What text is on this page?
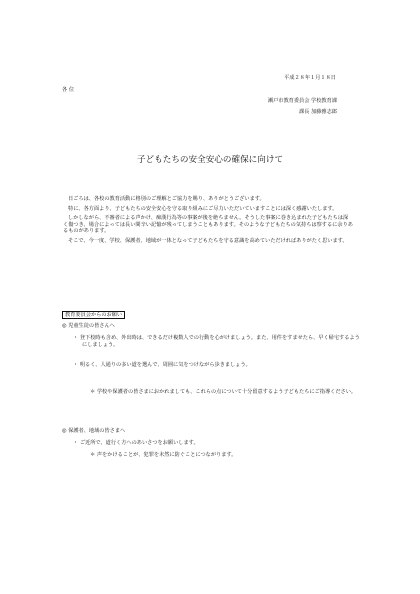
平成２８年１月１８日
各 位
瀬戸市教育委員会 学校教育課
課長 加藤雅志郎
子どもたちの安全安心の確保に向けて

日ごろは、各校の教育活動に格別のご理解とご協力を賜り、ありがとうございます。

特に、各方面より、子どもたちの安全安心を守る取り組みにご尽力いただいていますことには深く感謝いたします。

しかしながら、不審者による声かけ、痴漢行為等の事案が後を絶ちません。そうした事案に巻き込まれた子どもたちは深く傷つき、場合によっては長い間辛い記憶が残ってしまうこともあります。そのような子どもたちの気持ちは察するに余りあるものがあります。

そこで、今一度、学校、保護者、地域が一体となって子どもたちを守る意識を高めていただければありがたく思います。

教育委員会からのお願い
◎ 児童生徒の皆さんへ

・ 登下校時も含め、外出時は、できるだけ複数人での行動を心がけましょう。また、用件をすませたら、早く帰宅するようにしましょう。

・ 明るく、人通りの多い道を選んで、周囲に気をつけながら歩きましょう。

＊ 学校や保護者の皆さまにおかれましても、これらの点について十分留意するよう子どもたちにご指導ください。

◎ 保護者、地域の皆さまへ

・ ご近所で、道行く方へのあいさつをお願いします。

＊ 声をかけることが、犯罪を未然に防ぐことにつながります。
